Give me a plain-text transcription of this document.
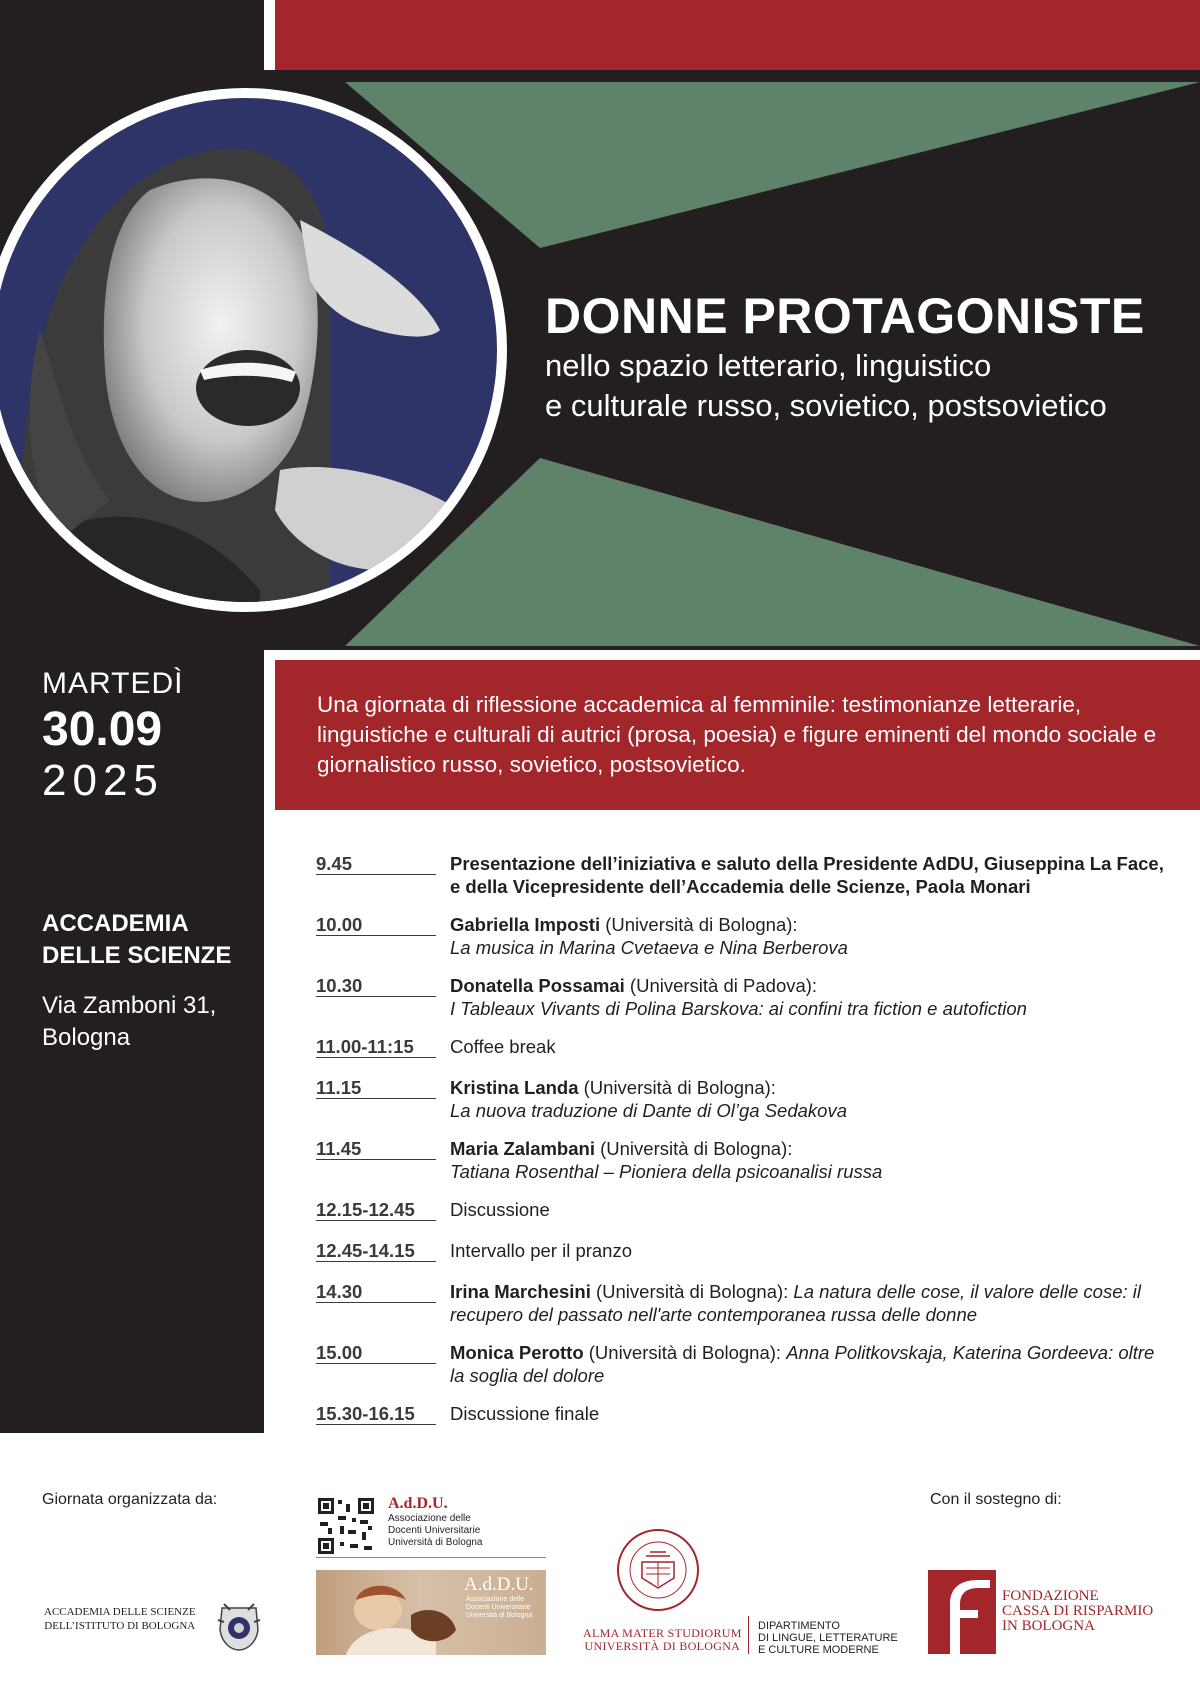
DONNE PROTAGONISTE

nello spazio letterario, linguistico

e culturale russo, sovietico, postsovietico

MARTEDÌ
30.09
2025
ACCADEMIA DELLE SCIENZE
Via Zamboni 31, Bologna

Una giornata di riflessione accademica al femminile: testimonianze letterarie, linguistiche e culturali di autrici (prosa, poesia) e figure eminenti del mondo sociale e giornalistico russo, sovietico, postsovietico.

9.45	Presentazione dell’iniziativa e saluto della Presidente AdDU, Giuseppina La Face, e della Vicepresidente dell’Accademia delle Scienze, Paola Monari
10.00	Gabriella Imposti (Università di Bologna):
La musica in Marina Cvetaeva e Nina Berberova
10.30	Donatella Possamai (Università di Padova):
I Tableaux Vivants di Polina Barskova: ai confini tra fiction e autofiction
11.00-11:15	Coffee break
11.15	Kristina Landa (Università di Bologna):
La nuova traduzione di Dante di Ol’ga Sedakova
11.45	Maria Zalambani (Università di Bologna):
Tatiana Rosenthal – Pioniera della psicoanalisi russa
12.15-12.45	Discussione
12.45-14.15	Intervallo per il pranzo
14.30	Irina Marchesini (Università di Bologna): La natura delle cose, il valore delle cose: il recupero del passato nell'arte contemporanea russa delle donne
15.00	Monica Perotto (Università di Bologna): Anna Politkovskaja, Katerina Gordeeva: oltre la soglia del dolore
15.30-16.15	Discussione finale
Giornata organizzata da:	Con il sostegno di:
A.d.D.U.
Associazione delle
Docenti Universitarie
Università di Bologna
A.d.D.U.
Associazione delle
Docenti Universitarie
Università di Bologna
ACCADEMIA DELLE SCIENZE
DELL’ISTITUTO DI BOLOGNA	ALMA MATER STUDIORUM
UNIVERSITÀ DI BOLOGNA
DIPARTIMENTO
DI LINGUE, LETTERATURE
E CULTURE MODERNE
FONDAZIONE
CASSA DI RISPARMIO
IN BOLOGNA
